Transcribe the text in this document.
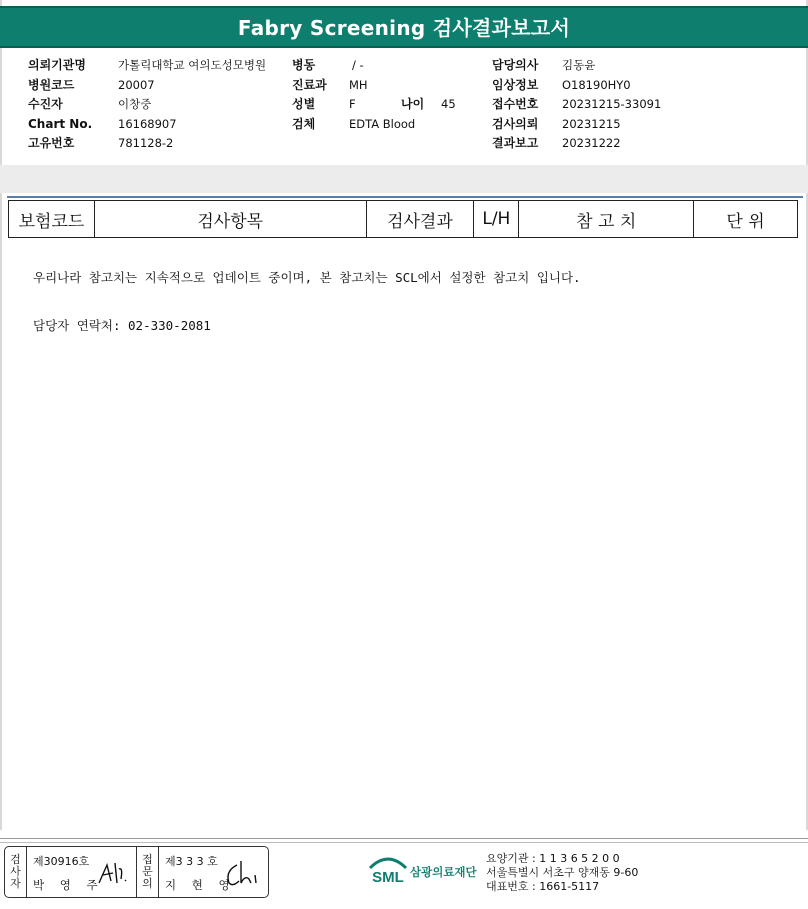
Fabry Screening 검사결과보고서
의뢰기관명	가톨릭대학교 여의도성모병원
병원코드	20007
수진자	이창중
Chart No.	16168907
고유번호	781128-2
병동	/ -
진료과	MH
성별	F	나이	45
검체	EDTA Blood
담당의사	김동윤
임상정보	O18190HY0
접수번호	20231215-33091
검사의뢰	20231215
결과보고	20231222
보험코드	검사항목	검사결과	L/H	참 고 치	단 위

우리나라 참고치는 지속적으로 업데이트 중이며, 본 참고치는 SCL에서 설정한 참고치 입니다.

담당자 연락처: 02-330-2081

검
사
자
제30916호
박 영 주
접
문
의
제3 3 3 호
지 현 영	SML 삼광의료재단
요양기관 : 1 1 3 6 5 2 0 0
서울특별시 서초구 양재동 9-60
대표번호 : 1661-5117
